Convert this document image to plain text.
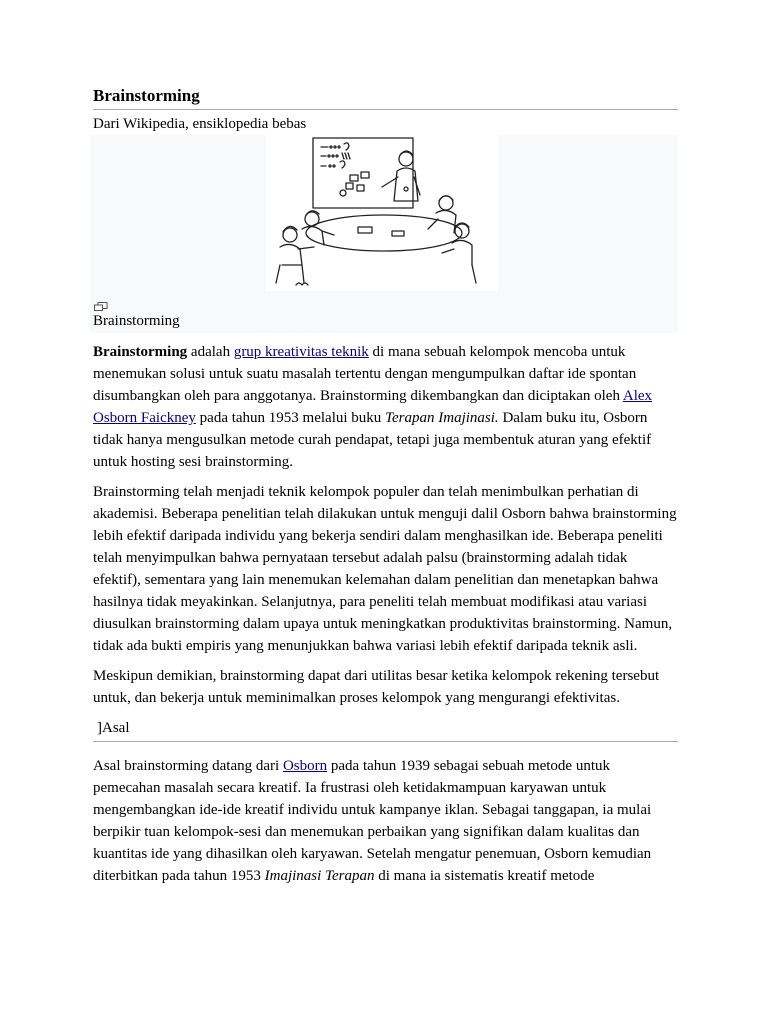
Brainstorming
Dari Wikipedia, ensiklopedia bebas
Brainstorming

Brainstorming adalah grup kreativitas teknik di mana sebuah kelompok mencoba untuk menemukan solusi untuk suatu masalah tertentu dengan mengumpulkan daftar ide spontan disumbangkan oleh para anggotanya. Brainstorming dikembangkan dan diciptakan oleh Alex Osborn Faickney pada tahun 1953 melalui buku Terapan Imajinasi. Dalam buku itu, Osborn tidak hanya mengusulkan metode curah pendapat, tetapi juga membentuk aturan yang efektif untuk hosting sesi brainstorming.

Brainstorming telah menjadi teknik kelompok populer dan telah menimbulkan perhatian di akademisi. Beberapa penelitian telah dilakukan untuk menguji dalil Osborn bahwa brainstorming lebih efektif daripada individu yang bekerja sendiri dalam menghasilkan ide. Beberapa peneliti telah menyimpulkan bahwa pernyataan tersebut adalah palsu (brainstorming adalah tidak efektif), sementara yang lain menemukan kelemahan dalam penelitian dan menetapkan bahwa hasilnya tidak meyakinkan. Selanjutnya, para peneliti telah membuat modifikasi atau variasi diusulkan brainstorming dalam upaya untuk meningkatkan produktivitas brainstorming. Namun, tidak ada bukti empiris yang menunjukkan bahwa variasi lebih efektif daripada teknik asli.

Meskipun demikian, brainstorming dapat dari utilitas besar ketika kelompok rekening tersebut untuk, dan bekerja untuk meminimalkan proses kelompok yang mengurangi efektivitas.

]Asal

Asal brainstorming datang dari Osborn pada tahun 1939 sebagai sebuah metode untuk pemecahan masalah secara kreatif. Ia frustrasi oleh ketidakmampuan karyawan untuk mengembangkan ide-ide kreatif individu untuk kampanye iklan. Sebagai tanggapan, ia mulai berpikir tuan kelompok-sesi dan menemukan perbaikan yang signifikan dalam kualitas dan kuantitas ide yang dihasilkan oleh karyawan. Setelah mengatur penemuan, Osborn kemudian diterbitkan pada tahun 1953 Imajinasi Terapan di mana ia sistematis kreatif metode
